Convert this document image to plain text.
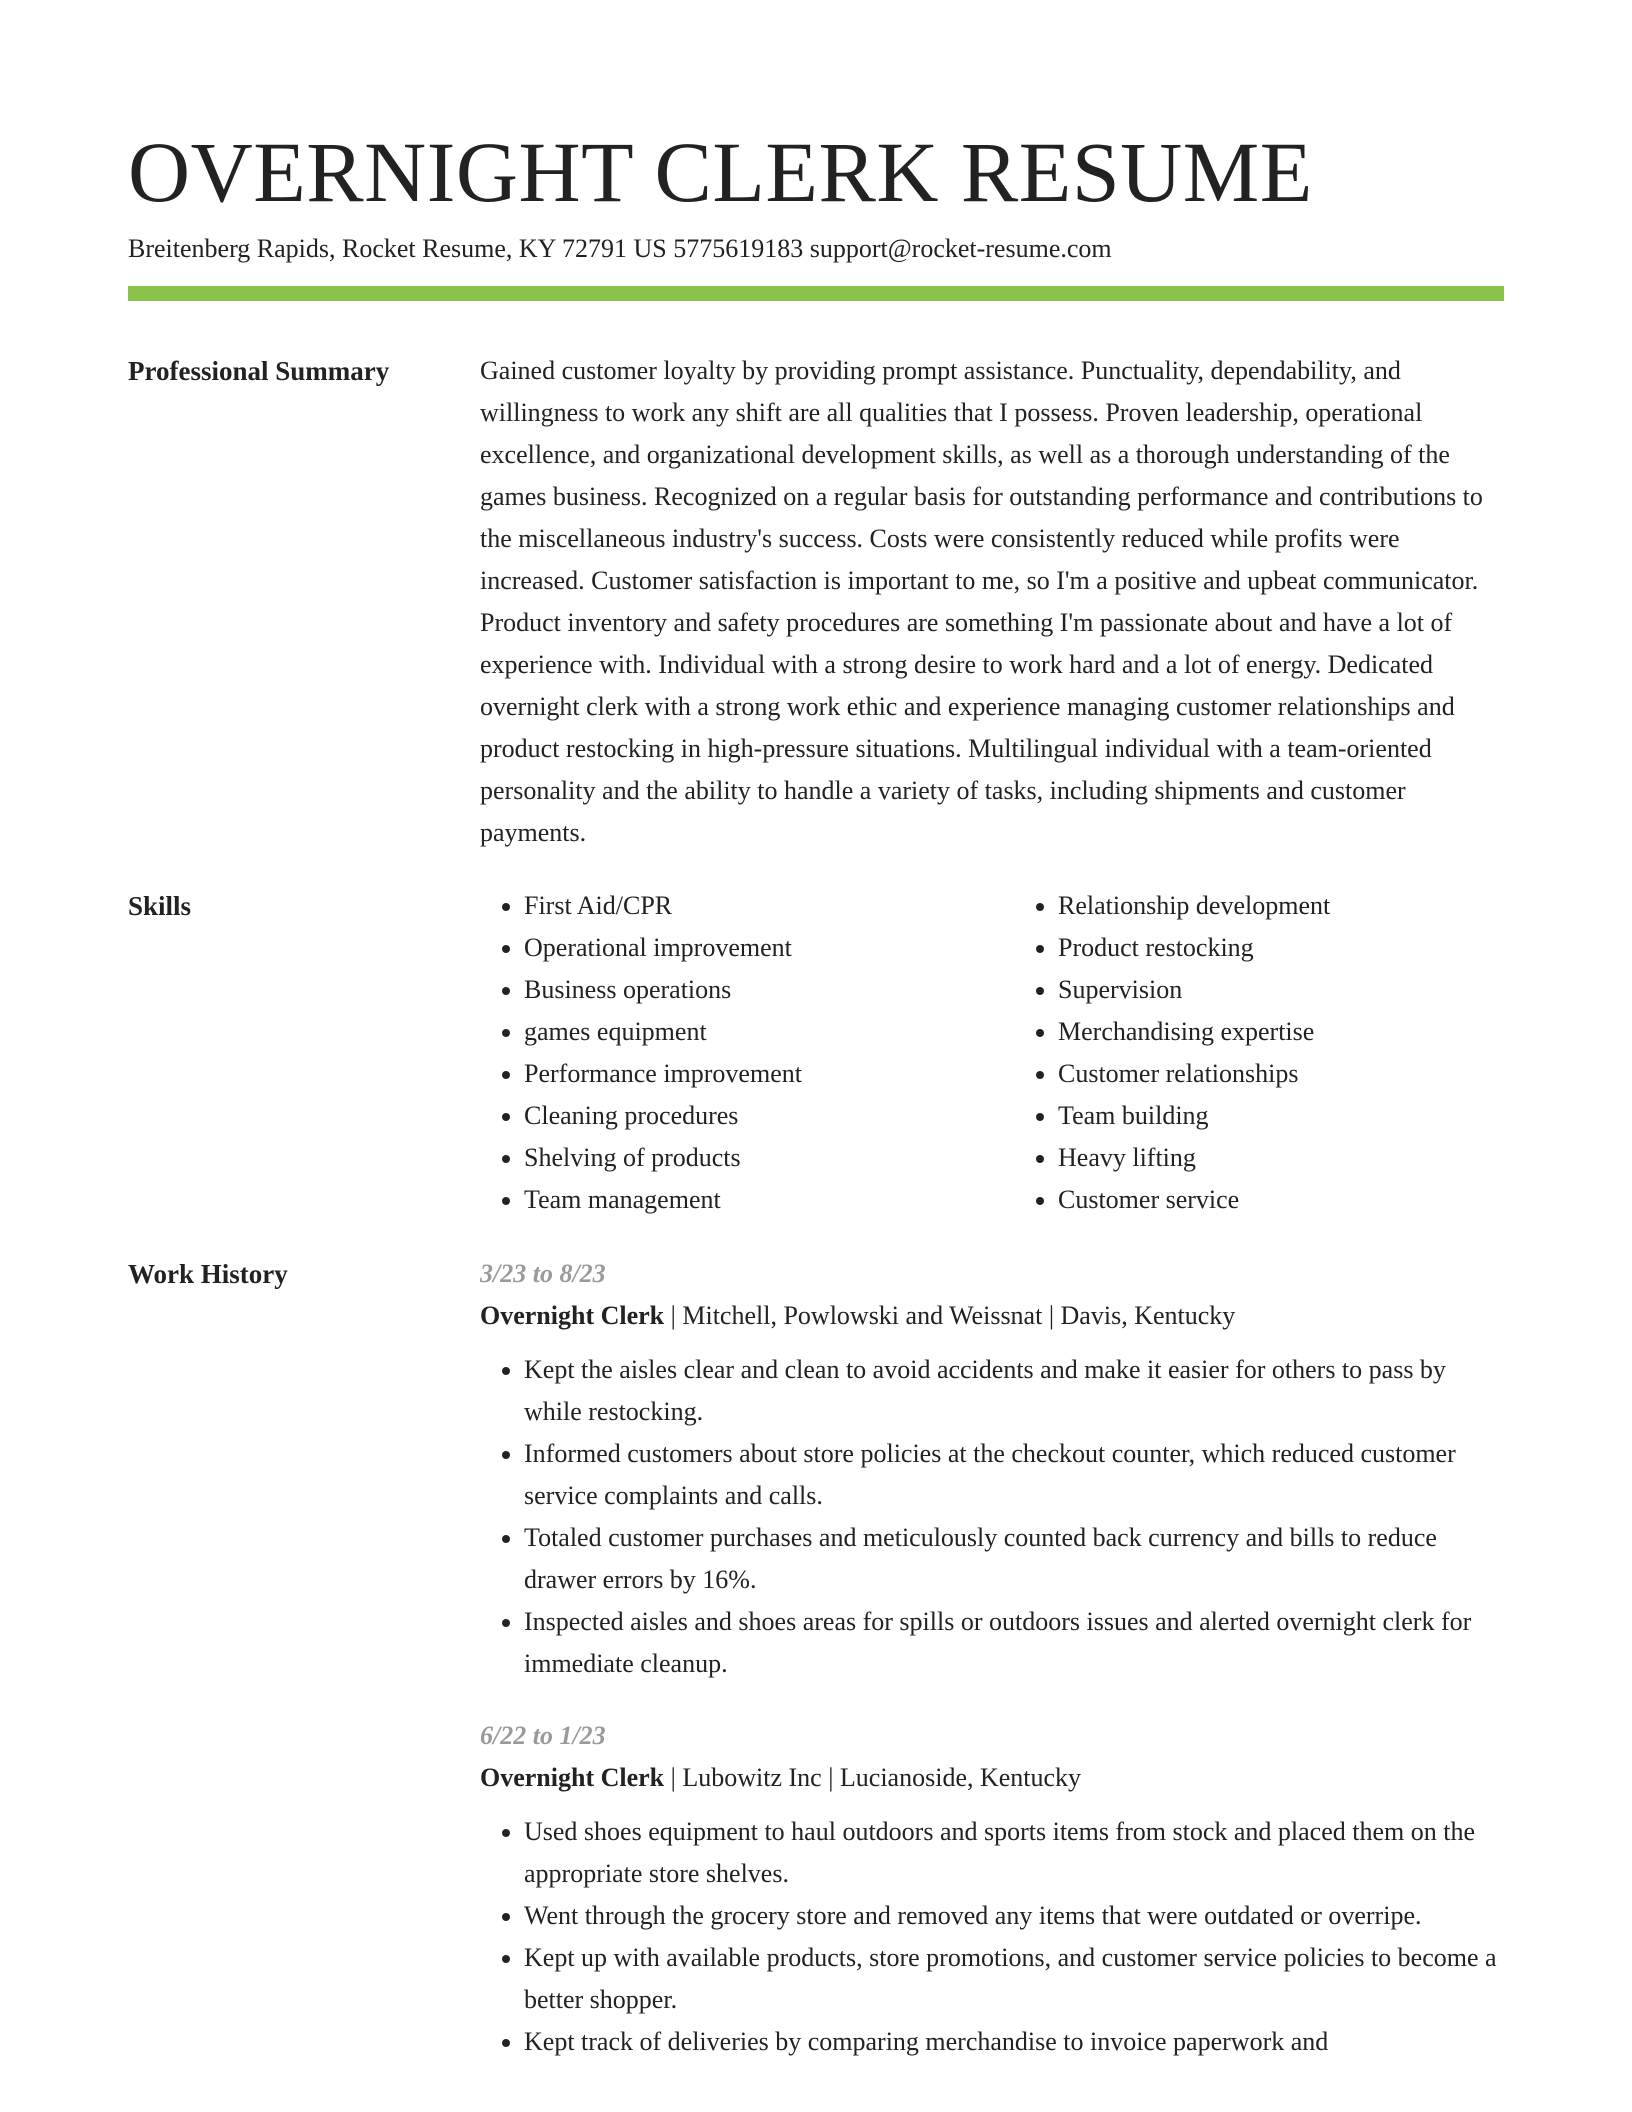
OVERNIGHT CLERK RESUME
Breitenberg Rapids, Rocket Resume, KY 72791 US 5775619183 support@rocket-resume.com
Professional Summary	Gained customer loyalty by providing prompt assistance. Punctuality, dependability, and willingness to work any shift are all qualities that I possess. Proven leadership, operational excellence, and organizational development skills, as well as a thorough understanding of the games business. Recognized on a regular basis for outstanding performance and contributions to the miscellaneous industry's success. Costs were consistently reduced while profits were increased. Customer satisfaction is important to me, so I'm a positive and upbeat communicator. Product inventory and safety procedures are something I'm passionate about and have a lot of experience with. Individual with a strong desire to work hard and a lot of energy. Dedicated overnight clerk with a strong work ethic and experience managing customer relationships and product restocking in high-pressure situations. Multilingual individual with a team-oriented personality and the ability to handle a variety of tasks, including shipments and customer payments.

Skills
•	First Aid/CPR
• Operational improvement
• Business operations
• games equipment
• Performance improvement
• Cleaning procedures
• Shelving of products
• Team management
• Relationship development
• Product restocking
• Supervision
• Merchandising expertise
• Customer relationships
• Team building
• Heavy lifting
• Customer service
Work History	3/23 to 8/23
Overnight Clerk | Mitchell, Powlowski and Weissnat | Davis, Kentucky
• Kept the aisles clear and clean to avoid accidents and make it easier for others to pass by while restocking.
• Informed customers about store policies at the checkout counter, which reduced customer service complaints and calls.
• Totaled customer purchases and meticulously counted back currency and bills to reduce drawer errors by 16%.
• Inspected aisles and shoes areas for spills or outdoors issues and alerted overnight clerk for immediate cleanup.
6/22 to 1/23
Overnight Clerk | Lubowitz Inc | Lucianoside, Kentucky
• Used shoes equipment to haul outdoors and sports items from stock and placed them on the appropriate store shelves.
• Went through the grocery store and removed any items that were outdated or overripe.
• Kept up with available products, store promotions, and customer service policies to become a better shopper.
• Kept track of deliveries by comparing merchandise to invoice paperwork and
